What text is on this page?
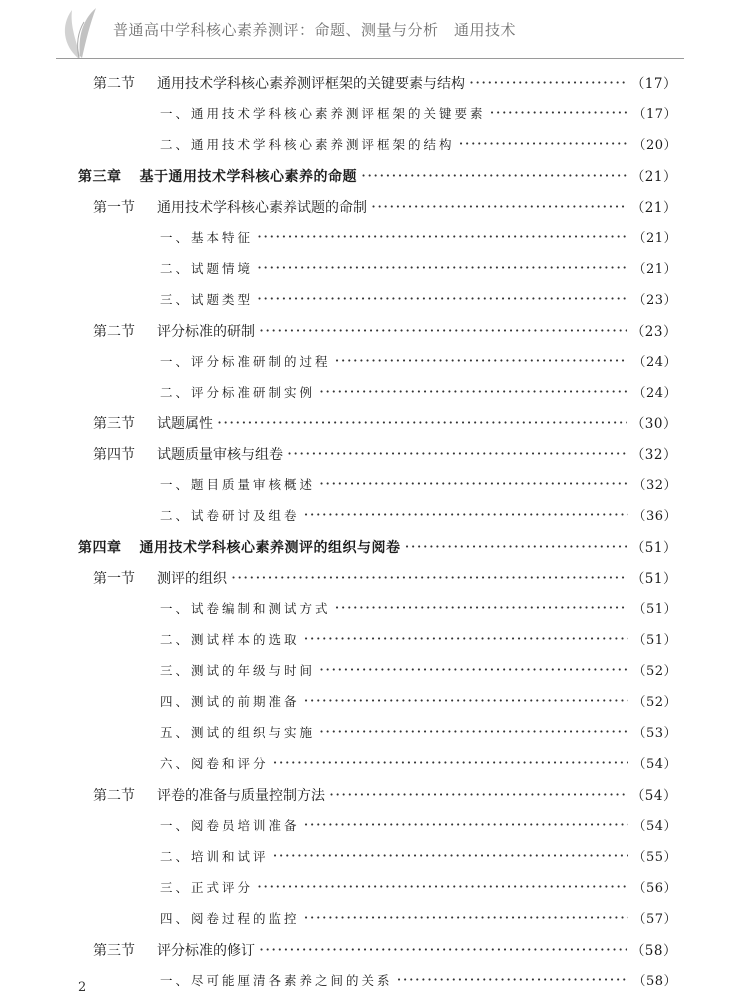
普通高中学科核心素养测评：命题、测量与分析　通用技术
第二节 通用技术学科核心素养测评框架的关键要素与结构 ·····	（17）
一、通用技术学科核心素养测评框架的关键要素 ·····	（17）
二、通用技术学科核心素养测评框架的结构 ·····	（20）
第三章 基于通用技术学科核心素养的命题 ·····	（21）
第一节 通用技术学科核心素养试题的命制 ·····	（21）
一、基本特征 ·····	（21）
二、试题情境 ·····	（21）
三、试题类型 ·····	（23）
第二节 评分标准的研制 ·····	（23）
一、评分标准研制的过程 ·····	（24）
二、评分标准研制实例 ·····	（24）
第三节 试题属性 ·····	（30）
第四节 试题质量审核与组卷 ·····	（32）
一、题目质量审核概述 ·····	（32）
二、试卷研讨及组卷 ·····	（36）
第四章 通用技术学科核心素养测评的组织与阅卷 ·····	（51）
第一节 测评的组织 ·····	（51）
一、试卷编制和测试方式 ·····	（51）
二、测试样本的选取 ·····	（51）
三、测试的年级与时间 ·····	（52）
四、测试的前期准备 ·····	（52）
五、测试的组织与实施 ·····	（53）
六、阅卷和评分 ·····	（54）
第二节 评卷的准备与质量控制方法 ·····	（54）
一、阅卷员培训准备 ·····	（54）
二、培训和试评 ·····	（55）
三、正式评分 ·····	（56）
四、阅卷过程的监控 ·····	（57）
第三节 评分标准的修订 ·····	（58）
一、尽可能厘清各素养之间的关系 ·····	（58）
2
